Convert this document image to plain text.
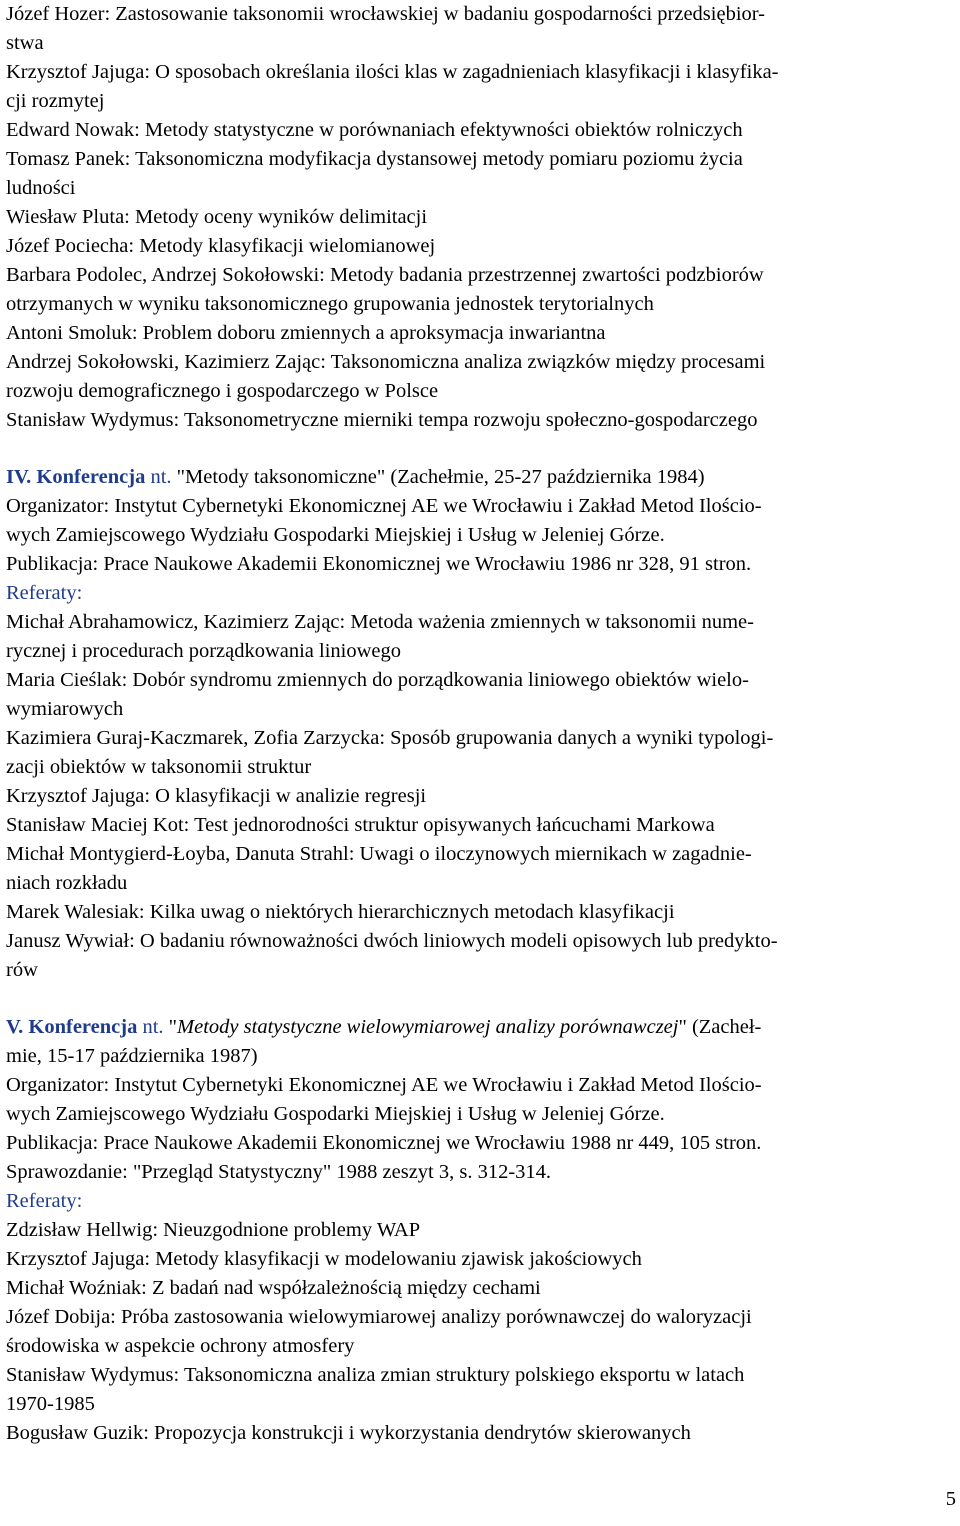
Józef Hozer: Zastosowanie taksonomii wrocławskiej w badaniu gospodarności przedsiębior-
stwa
Krzysztof Jajuga: O sposobach określania ilości klas w zagadnieniach klasyfikacji i klasyfika-
cji rozmytej
Edward Nowak: Metody statystyczne w porównaniach efektywności obiektów rolniczych
Tomasz Panek: Taksonomiczna modyfikacja dystansowej metody pomiaru poziomu życia
ludności
Wiesław Pluta: Metody oceny wyników delimitacji
Józef Pociecha: Metody klasyfikacji wielomianowej
Barbara Podolec, Andrzej Sokołowski: Metody badania przestrzennej zwartości podzbiorów
otrzymanych w wyniku taksonomicznego grupowania jednostek terytorialnych
Antoni Smoluk: Problem doboru zmiennych a aproksymacja inwariantna
Andrzej Sokołowski, Kazimierz Zając: Taksonomiczna analiza związków między procesami
rozwoju demograficznego i gospodarczego w Polsce
Stanisław Wydymus: Taksonometryczne mierniki tempa rozwoju społeczno-gospodarczego
IV. Konferencja nt. "Metody taksonomiczne" (Zachełmie, 25-27 października 1984)
Organizator: Instytut Cybernetyki Ekonomicznej AE we Wrocławiu i Zakład Metod Ilościo-
wych Zamiejscowego Wydziału Gospodarki Miejskiej i Usług w Jeleniej Górze.
Publikacja: Prace Naukowe Akademii Ekonomicznej we Wrocławiu 1986 nr 328, 91 stron.
Referaty:
Michał Abrahamowicz, Kazimierz Zając: Metoda ważenia zmiennych w taksonomii nume-
rycznej i procedurach porządkowania liniowego
Maria Cieślak: Dobór syndromu zmiennych do porządkowania liniowego obiektów wielo-
wymiarowych
Kazimiera Guraj-Kaczmarek, Zofia Zarzycka: Sposób grupowania danych a wyniki typologi-
zacji obiektów w taksonomii struktur
Krzysztof Jajuga: O klasyfikacji w analizie regresji
Stanisław Maciej Kot: Test jednorodności struktur opisywanych łańcuchami Markowa
Michał Montygierd-Łoyba, Danuta Strahl: Uwagi o iloczynowych miernikach w zagadnie-
niach rozkładu
Marek Walesiak: Kilka uwag o niektórych hierarchicznych metodach klasyfikacji
Janusz Wywiał: O badaniu równoważności dwóch liniowych modeli opisowych lub predykto-
rów
V. Konferencja nt. "Metody statystyczne wielowymiarowej analizy porównawczej" (Zacheł-
mie, 15-17 października 1987)
Organizator: Instytut Cybernetyki Ekonomicznej AE we Wrocławiu i Zakład Metod Ilościo-
wych Zamiejscowego Wydziału Gospodarki Miejskiej i Usług w Jeleniej Górze.
Publikacja: Prace Naukowe Akademii Ekonomicznej we Wrocławiu 1988 nr 449, 105 stron.
Sprawozdanie: "Przegląd Statystyczny" 1988 zeszyt 3, s. 312-314.
Referaty:
Zdzisław Hellwig: Nieuzgodnione problemy WAP
Krzysztof Jajuga: Metody klasyfikacji w modelowaniu zjawisk jakościowych
Michał Woźniak: Z badań nad współzależnością między cechami
Józef Dobija: Próba zastosowania wielowymiarowej analizy porównawczej do waloryzacji
środowiska w aspekcie ochrony atmosfery
Stanisław Wydymus: Taksonomiczna analiza zmian struktury polskiego eksportu w latach
1970-1985
Bogusław Guzik: Propozycja konstrukcji i wykorzystania dendrytów skierowanych
5
